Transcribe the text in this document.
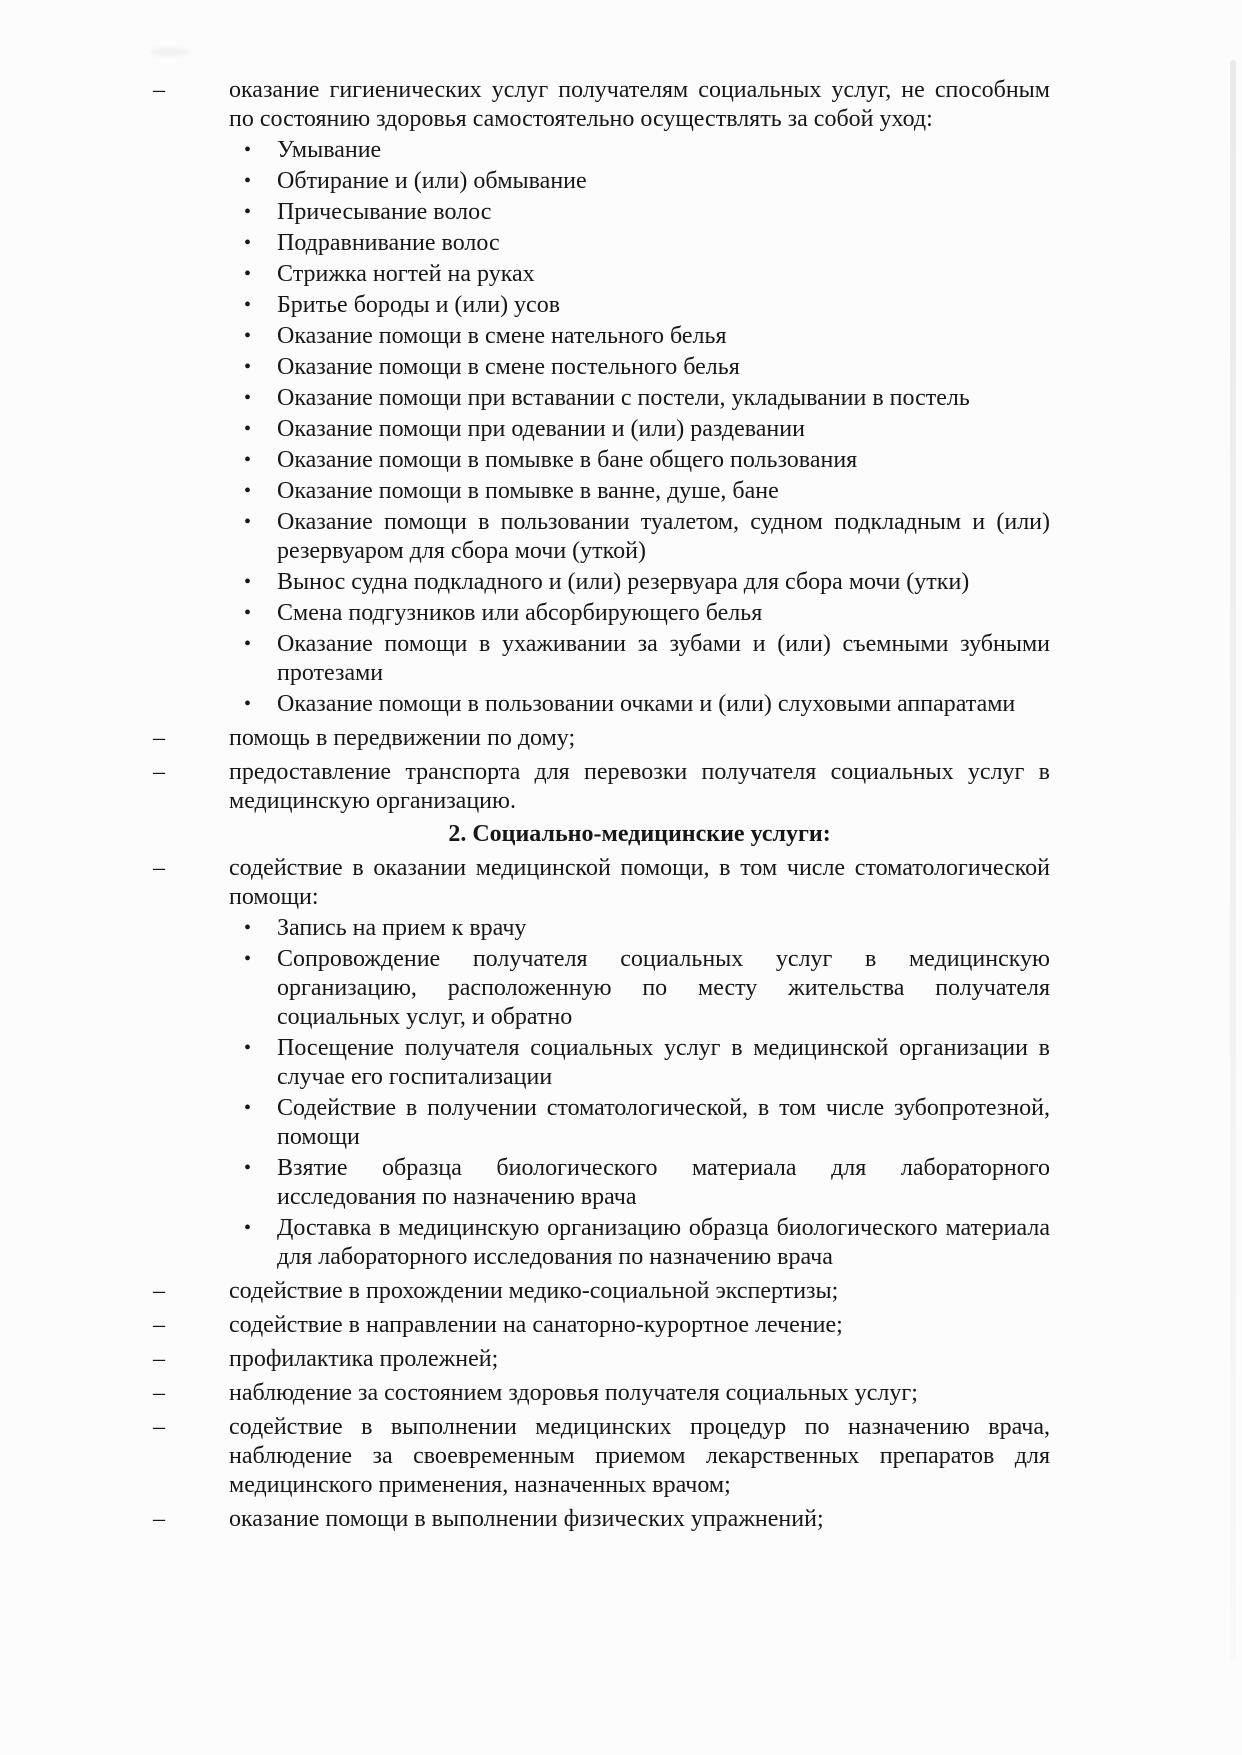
–	оказание гигиенических услуг получателям социальных услуг, не способным по состоянию здоровья самостоятельно осуществлять за собой уход:
•	Умывание
•	Обтирание и (или) обмывание
•	Причесывание волос
•	Подравнивание волос
•	Стрижка ногтей на руках
•	Бритье бороды и (или) усов
•	Оказание помощи в смене нательного белья
•	Оказание помощи в смене постельного белья
•	Оказание помощи при вставании с постели, укладывании в постель
•	Оказание помощи при одевании и (или) раздевании
•	Оказание помощи в помывке в бане общего пользования
•	Оказание помощи в помывке в ванне, душе, бане
•	Оказание помощи в пользовании туалетом, судном подкладным и (или) резервуаром для сбора мочи (уткой)
•	Вынос судна подкладного и (или) резервуара для сбора мочи (утки)
•	Смена подгузников или абсорбирующего белья
•	Оказание помощи в ухаживании за зубами и (или) съемными зубными протезами
•	Оказание помощи в пользовании очками и (или) слуховыми аппаратами
–	помощь в передвижении по дому;
–	предоставление транспорта для перевозки получателя социальных услуг в медицинскую организацию.
2. Социально-медицинские услуги:
–	содействие в оказании медицинской помощи, в том числе стоматологической помощи:
•	Запись на прием к врачу
•	Сопровождение получателя социальных услуг в медицинскую организацию, расположенную по месту жительства получателя социальных услуг, и обратно
•	Посещение получателя социальных услуг в медицинской организации в случае его госпитализации
•	Содействие в получении стоматологической, в том числе зубопротезной, помощи
•	Взятие образца биологического материала для лабораторного исследования по назначению врача
•	Доставка в медицинскую организацию образца биологического материала для лабораторного исследования по назначению врача
–	содействие в прохождении медико-социальной экспертизы;
–	содействие в направлении на санаторно-курортное лечение;
–	профилактика пролежней;
–	наблюдение за состоянием здоровья получателя социальных услуг;
–	содействие в выполнении медицинских процедур по назначению врача, наблюдение за своевременным приемом лекарственных препаратов для медицинского применения, назначенных врачом;
–	оказание помощи в выполнении физических упражнений;
